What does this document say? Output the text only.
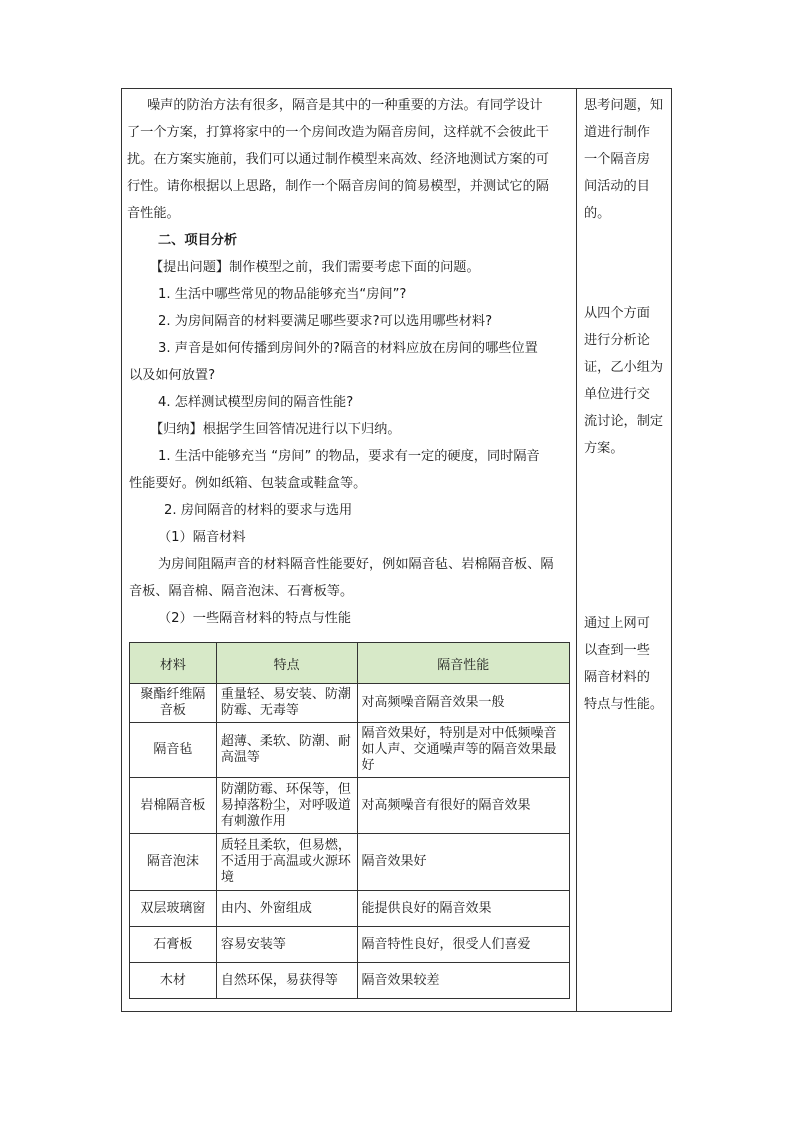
噪声的防治方法有很多，隔音是其中的一种重要的方法。有同学设计
了一个方案，打算将家中的一个房间改造为隔音房间，这样就不会彼此干
扰。在方案实施前，我们可以通过制作模型来高效、经济地测试方案的可
行性。请你根据以上思路，制作一个隔音房间的简易模型，并测试它的隔
音性能。
二、项目分析
【提出问题】制作模型之前，我们需要考虑下面的问题。
1. 生活中哪些常见的物品能够充当“房间”?
2. 为房间隔音的材料要满足哪些要求?可以选用哪些材料?
3. 声音是如何传播到房间外的?隔音的材料应放在房间的哪些位置
以及如何放置?
4. 怎样测试模型房间的隔音性能?
【归纳】根据学生回答情况进行以下归纳。
1. 生活中能够充当 “房间” 的物品，要求有一定的硬度，同时隔音
性能要好。例如纸箱、包装盒或鞋盒等。
2. 房间隔音的材料的要求与选用
（1）隔音材料
为房间阻隔声音的材料隔音性能要好，例如隔音毡、岩棉隔音板、隔
音板、隔音棉、隔音泡沫、石膏板等。
（2）一些隔音材料的特点与性能
材料	特点	隔音性能
聚酯纤维隔音板	重量轻、易安装、防潮防霉、无毒等	对高频噪音隔音效果一般
隔音毡	超薄、柔软、防潮、耐高温等	隔音效果好，特别是对中低频噪音如人声、交通噪声等的隔音效果最好
岩棉隔音板	防潮防霉、环保等，但易掉落粉尘，对呼吸道有刺激作用	对高频噪音有很好的隔音效果
隔音泡沫	质轻且柔软，但易燃，不适用于高温或火源环境	隔音效果好
双层玻璃窗	由内、外窗组成	能提供良好的隔音效果
石膏板	容易安装等	隔音特性良好，很受人们喜爱
木材	自然环保，易获得等	隔音效果较差
思考问题，知
道进行制作
一个隔音房
间活动的目
的。
从四个方面
进行分析论
证，乙小组为
单位进行交
流讨论，制定
方案。
通过上网可
以查到一些
隔音材料的
特点与性能。
